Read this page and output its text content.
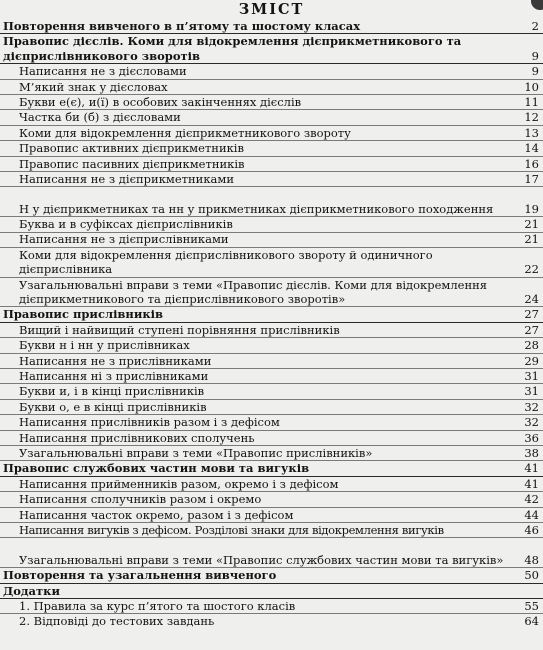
ЗМІСТ
Повторення вивченого в п’ятому та шостому класах	2
Правопис дієслів. Коми для відокремлення дієприкметникового та дієприслівникового зворотів	9
Написання не з дієсловами	9
М’який знак у дієсловах	10
Букви е(є), и(ї) в особових закінченнях дієслів	11
Частка би (б) з дієсловами	12
Коми для відокремлення дієприкметникового звороту	13
Правопис активних дієприкметників	14
Правопис пасивних дієприкметників	16
Написання не з дієприкметниками	17
Н у дієприкметниках та нн у прикметниках дієприкметникового походження	19
Буква и в суфіксах дієприслівників	21
Написання не з дієприслівниками	21
Коми для відокремлення дієприслівникового звороту й одиничного дієприслівника	22
Узагальнювальні вправи з теми «Правопис дієслів. Коми для відокремлення дієприкметникового та дієприслівникового зворотів»	24
Правопис прислівників	27
Вищий і найвищий ступені порівняння прислівників	27
Букви н і нн у прислівниках	28
Написання не з прислівниками	29
Написання ні з прислівниками	31
Букви и, і в кінці прислівників	31
Букви о, е в кінці прислівників	32
Написання прислівників разом і з дефісом	32
Написання прислівникових сполучень	36
Узагальнювальні вправи з теми «Правопис прислівників»	38
Правопис службових частин мови та вигуків	41
Написання прийменників разом, окремо і з дефісом	41
Написання сполучників разом і окремо	42
Написання часток окремо, разом і з дефісом	44
Написання вигуків з дефісом. Розділові знаки для відокремлення вигуків	46
Узагальнювальні вправи з теми «Правопис службових частин мови та вигуків»	48
Повторення та узагальнення вивченого	50
Додатки
1. Правила за курс п’ятого та шостого класів	55
2. Відповіді до тестових завдань	64
